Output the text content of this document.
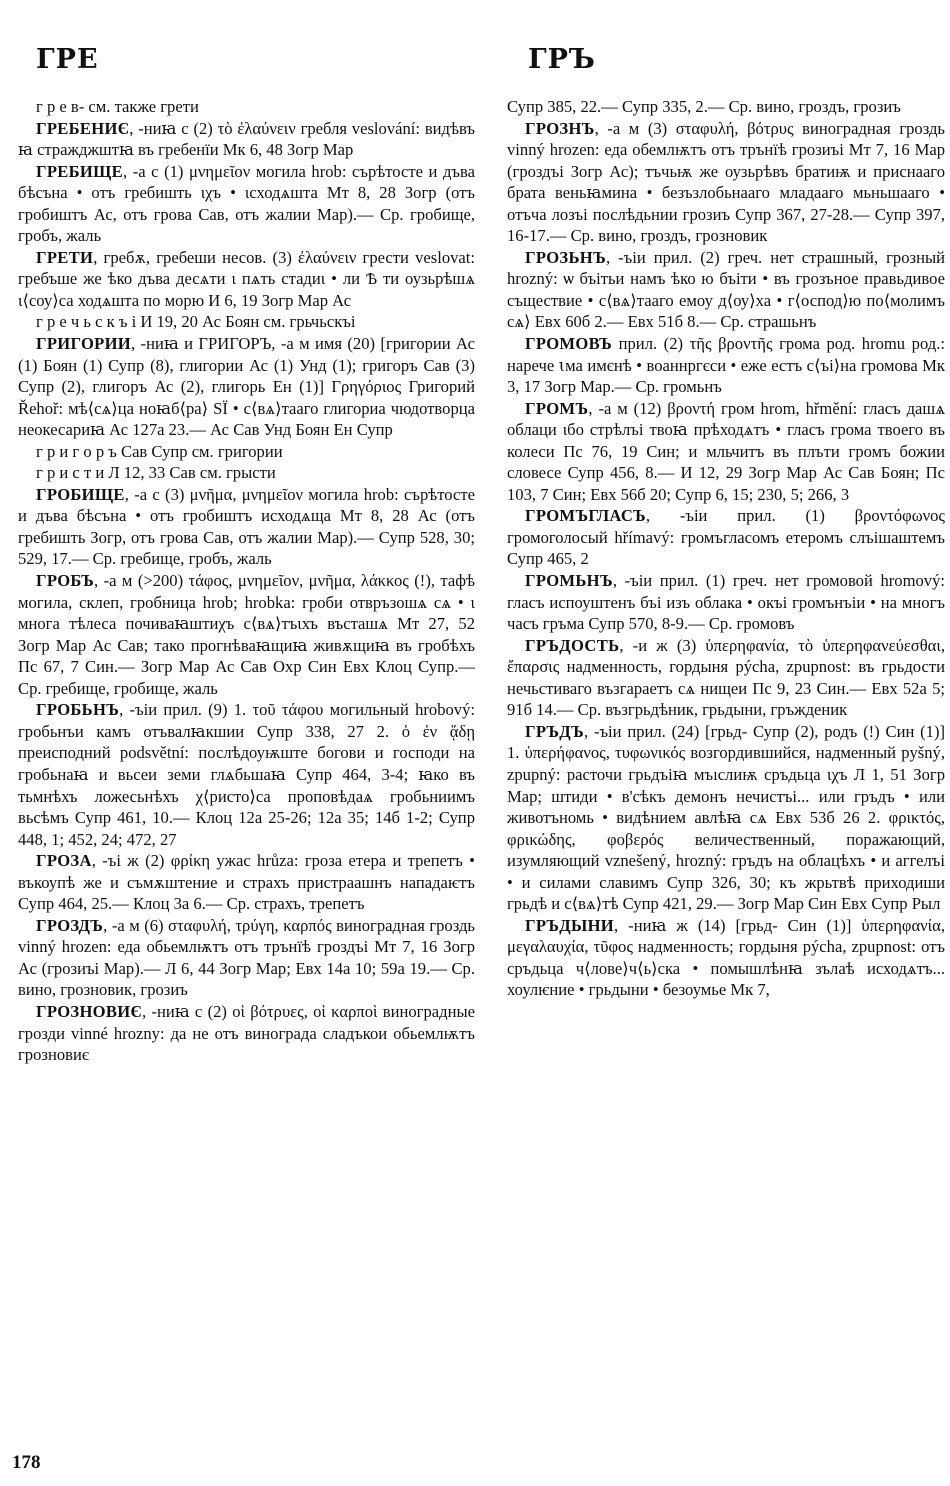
ГРЕ	ГРЪ

г р е в- см. также грети

ГРЕБЕНИЄ, -ниꙗ с (2) τὸ ἐλαύνειν гребля veslování: видѣвъ ꙗ стражджштꙗ въ гребенїи Мк 6, 48 Зогр Мар

ГРЕБИЩЕ, -а с (1) μνημεῖον могила hrob: сърѣтосте и дъва бѣсъна • отъ гребишть ιχъ • ιсходѧшта Мт 8, 28 Зогр (отъ гробиштъ Ас, отъ грова Сав, отъ жалии Мар).— Ср. гробище, гробъ, жаль

ГРЕТИ, гребѫ, гребеши несов. (3) ἐλαύνειν грести veslovat: гребъше же ѣко дъва десѧти ι пѧть стадиι • ли Ѣ ти оузьрѣшѧ ι⟨соу⟩са ходѧшта по морю И 6, 19 Зогр Мар Ас

г р е ч ь с к ъ і И 19, 20 Ас Боян см. грьчьскъі

ГРИГОРИИ, -ниꙗ и ГРИГОРЪ, -а м имя (20) [григории Ас (1) Боян (1) Супр (8), глигории Ас (1) Унд (1); григоръ Сав (3) Супр (2), глигоръ Ас (2), глигорь Ен (1)] Γρηγόριος Григорий Řehoř: мѣ⟨сѧ⟩ца ноꙗб⟨ра⟩ ЅЇ • с⟨вѧ⟩тааго глигориа чюдотворца неокесариꙗ Ас 127а 23.— Ас Сав Унд Боян Ен Супр

г р и г о р ъ Сав Супр см. григории

г р и с т и Л 12, 33 Сав см. грысти

ГРОБИЩЕ, -а с (3) μνῆμα, μνημεῖον могила hrob: сърѣтосте и дъва бѣсъна • отъ гробиштъ исходѧща Мт 8, 28 Ас (отъ гребишть Зогр, отъ грова Сав, отъ жалии Мар).— Супр 528, 30; 529, 17.— Ср. гребище, гробъ, жаль

ГРОБЪ, -а м (>200) τάφος, μνημεῖον, μνῆμα, λάκκος (!), тафѣ могила, склеп, гробница hrob; hrobka: гроби отвръзошѧ сѧ • ι многа тѣлеса почиваꙗштиχъ с⟨вѧ⟩тъιхъ въсташѧ Мт 27, 52 Зогр Мар Ас Сав; тако прогнѣваꙗщиꙗ живѫщиꙗ въ гробѣхъ Пс 67, 7 Син.— Зогр Мар Ас Сав Охр Син Евх Клоц Супр.— Ср. гребище, гробище, жаль

ГРОБЬНЪ, -ъіи прил. (9) 1. τοῦ τάφου могильный hrobový: гробьнъи камъ отъвалꙗкшии Супр 338, 27 2. ὁ ἐν ᾅδῃ преисподний podsvětní: послѣдоуѭште богови и господи на гробьнаꙗ и вьсеи земи глѧбьшаꙗ Супр 464, 3-4; ꙗко въ тьмнѣхъ ложесьнѣхъ χ⟨ристо⟩са проповѣдаѧ гробьниимъ вьсѣмъ Супр 461, 10.— Клоц 12а 25-26; 12а 35; 14б 1-2; Супр 448, 1; 452, 24; 472, 27

ГРОЗА, -ъі ж (2) φρίκη ужас hrůza: гроза етера и трепетъ • въкоупѣ же и съмѫштение и страхъ пристраашнъ нападаѥтъ Супр 464, 25.— Клоц 3а 6.— Ср. страхъ, трепетъ

ГРОЗДЪ, -а м (6) σταφυλή, τρύγη, καρπός виноградная гроздь vinný hrozen: еда обьемлѭтъ отъ трънїѣ гроздъі Мт 7, 16 Зогр Ас (грозиъі Мар).— Л 6, 44 Зогр Мар; Евх 14а 10; 59а 19.— Ср. вино, грозновик, грозиъ

ГРОЗНОВИЄ, -ниꙗ с (2) οἱ βότρυες, οἱ καρποὶ виноградные грозди vinné hrozny: да не отъ винограда сладъкои обьемлѭтъ грозновиє

Супр 385, 22.— Супр 335, 2.— Ср. вино, гроздъ, грозиъ

ГРОЗНЪ, -а м (3) σταφυλή, βότρυς виноградная гроздь vinný hrozen: еда обемлѭтъ отъ трънїѣ грозиъі Мт 7, 16 Мар (гроздъі Зогр Ас); тъчьѭ же оузьрѣвъ братиѭ и приснааго брата веньꙗмина • безъзлобьнааго младааго мьньшааго • отъча лозъі послѣдьнии грозиъ Супр 367, 27-28.— Супр 397, 16-17.— Ср. вино, гроздъ, грозновик

ГРОЗЬНЪ, -ъіи прил. (2) греч. нет страшный, грозный hrozný: ѡ бъітьи намъ ѣко ю бъіти • въ грозъное правьдивое съществие • с⟨вѧ⟩тааго емоу д⟨оу⟩ха • г⟨оспод⟩ю по⟨молимъ сѧ⟩ Евх 60б 2.— Евх 51б 8.— Ср. страшьнъ

ГРОМОВЪ прил. (2) τῆς βροντῆς грома род. hromu род.: нарече ꙇма имєнѣ • воаннргєси • еже естъ с⟨ъі⟩на громова Мк 3, 17 Зогр Мар.— Ср. громьнъ

ГРОМЪ, -а м (12) βροντή гром hrom, hřmění: гласъ дашѧ облаци ιбо стрѣлъі твоꙗ прѣходѧтъ • гласъ грома твоего въ колеси Пс 76, 19 Син; и мльчитъ въ плъти громъ божии словесе Супр 456, 8.— И 12, 29 Зогр Мар Ас Сав Боян; Пс 103, 7 Син; Евх 56б 20; Супр 6, 15; 230, 5; 266, 3

ГРОМЪГЛАСЪ, -ъіи прил. (1) βροντόφωνος громоголосый hřímavý: громъгласомъ етеромъ слъішаштемъ Супр 465, 2

ГРОМЬНЪ, -ъіи прил. (1) греч. нет громовой hromový: гласъ испоуштенъ бъі изъ облака • окъі громънъіи • на мнoгъ часъ гръма Супр 570, 8-9.— Ср. громовъ

ГРЪДОСТЬ, -и ж (3) ὑπερηφανία, τὸ ὑπερηφανεύεσθαι, ἔπαρσις надменность, гордыня pýcha, zpupnost: въ грьдости нечьстиваго възгараетъ сѧ нищеи Пс 9, 23 Син.— Евх 52а 5; 91б 14.— Ср. възгрьдѣник, грьдыни, гръжденик

ГРЪДЪ, -ъіи прил. (24) [грьд- Супр (2), родъ (!) Син (1)] 1. ὑπερήφανος, τυφωνικός возгордившийся, надменный pyšný, zpupný: расточи грьдъіꙗ мъıслиѭ сръдьца ιχъ Л 1, 51 Зогр Мар; штиди • в'сѣкъ демонъ нечистъі... или гръдъ • или животъномь • видѣнием авлѣꙗ сѧ Евх 53б 26 2. φρικτός, φρικώδης, φοβερός величественный, поражающий, изумляющий vznešený, hrozný: гръдъ на облацѣхъ • и аггелъі • и силами славимъ Супр 326, 30; къ жрьтвѣ приходиши грьдѣ и с⟨вѧ⟩тѣ Супр 421, 29.— Зогр Мар Син Евх Супр Рыл

ГРЪДЫНИ, -ниꙗ ж (14) [грьд- Син (1)] ὑπερηφανία, μεγαλαυχία, τῦφος надменность; гордыня pýcha, zpupnost: отъ сръдьца ч⟨лове⟩ч⟨ь⟩ска • помышлѣнꙗ зълаѣ исходѧтъ... хоулѥние • грьдыни • безоумье Мк 7,

178
